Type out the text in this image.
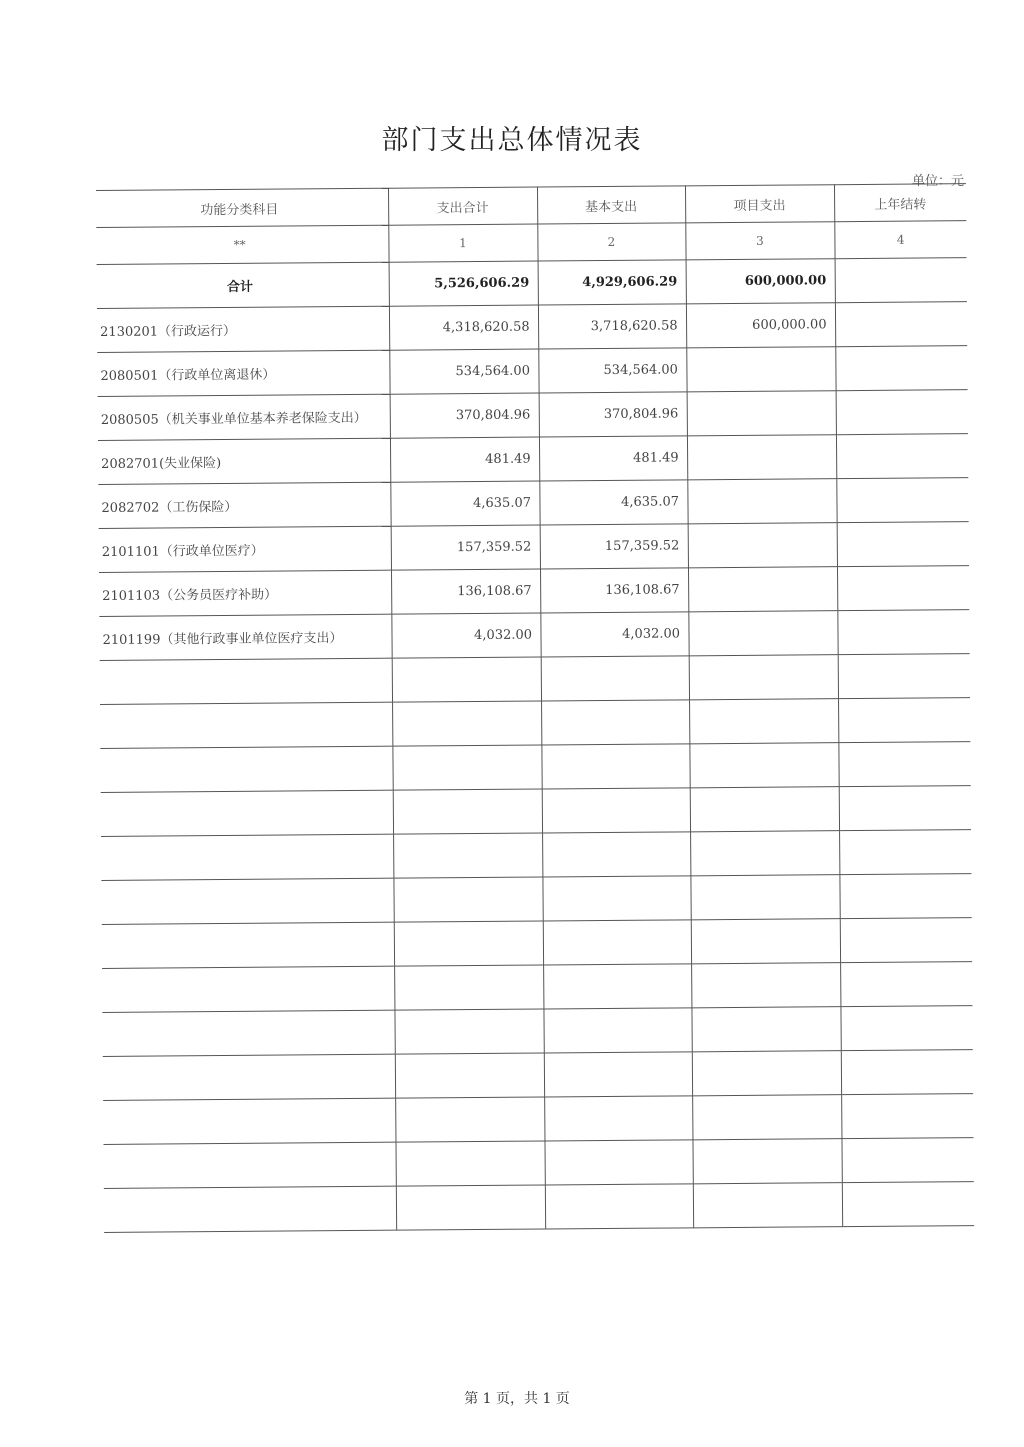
部门支出总体情况表
单位：元
功能分类科目	支出合计	基本支出	项目支出	上年结转
**	1	2	3	4
合计	5,526,606.29	4,929,606.29	600,000.00	
2130201（行政运行）	4,318,620.58	3,718,620.58	600,000.00	
2080501（行政单位离退休）	534,564.00	534,564.00		
2080505（机关事业单位基本养老保险支出）	370,804.96	370,804.96		
2082701(失业保险)	481.49	481.49		
2082702（工伤保险）	4,635.07	4,635.07		
2101101（行政单位医疗）	157,359.52	157,359.52		
2101103（公务员医疗补助）	136,108.67	136,108.67		
2101199（其他行政事业单位医疗支出）	4,032.00	4,032.00		

第 1 页，共 1 页
